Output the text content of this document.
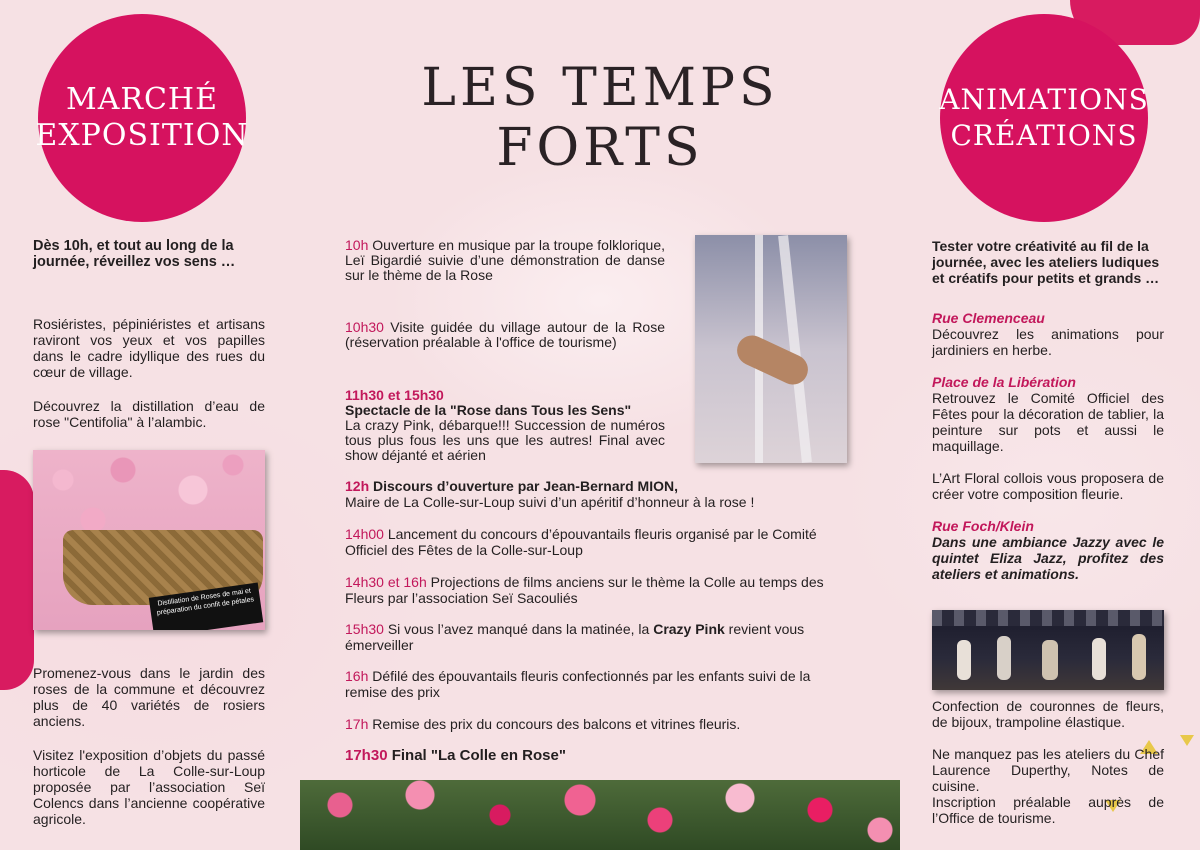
MARCHÉ
EXPOSITION
LES TEMPS FORTS
ANIMATIONS
CRÉATIONS

Dès 10h, et tout au long de la journée, réveillez vos sens …

Rosiéristes, pépiniéristes et artisans raviront vos yeux et vos papilles dans le cadre idyllique des rues du cœur de village.

Découvrez la distillation d’eau de rose "Centifolia" à l’alambic.

Distillation de Roses de mai et préparation du confit de pétales

Promenez-vous dans le jardin des roses de la commune et découvrez plus de 40 variétés de rosiers anciens.

Visitez l'exposition d’objets du passé horticole de La Colle-sur-Loup proposée par l’association Seï Colencs dans l’ancienne coopérative agricole.

10h Ouverture en musique par la troupe folklorique, Leï Bigardié suivie d’une démonstration de danse sur le thème de la Rose
10h30 Visite guidée du village autour de la Rose (réservation préalable à l'office de tourisme)
11h30 et 15h30
Spectacle de la "Rose dans Tous les Sens"
La crazy Pink, débarque!!! Succession de numéros tous plus fous les uns que les autres! Final avec show déjanté et aérien
12h Discours d’ouverture par Jean-Bernard MION,
Maire de La Colle-sur-Loup suivi d’un apéritif d’honneur à la rose !
14h00 Lancement du concours d’épouvantails fleuris organisé par le Comité Officiel des Fêtes de la Colle-sur-Loup
14h30 et 16h Projections de films anciens sur le thème la Colle au temps des Fleurs par l’association Seï Sacouliés
15h30 Si vous l’avez manqué dans la matinée, la Crazy Pink revient vous émerveiller
16h Défilé des épouvantails fleuris confectionnés par les enfants suivi de la remise des prix
17h Remise des prix du concours des balcons et vitrines fleuris.
17h30 Final "La Colle en Rose"

Tester votre créativité au fil de la journée, avec les ateliers ludiques et créatifs pour petits et grands …

Rue Clemenceau

Découvrez les animations pour jardiniers en herbe.

Place de la Libération

Retrouvez le Comité Officiel des Fêtes pour la décoration de tablier, la peinture sur pots et aussi le maquillage.

L’Art Floral collois vous proposera de créer votre composition fleurie.

Rue Foch/Klein

Dans une ambiance Jazzy avec le quintet Eliza Jazz, profitez des ateliers et animations.

Confection de couronnes de fleurs, de bijoux, trampoline élastique.

Ne manquez pas les ateliers du Chef Laurence Duperthy, Notes de cuisine.

Inscription préalable auprès de l’Office de tourisme.
